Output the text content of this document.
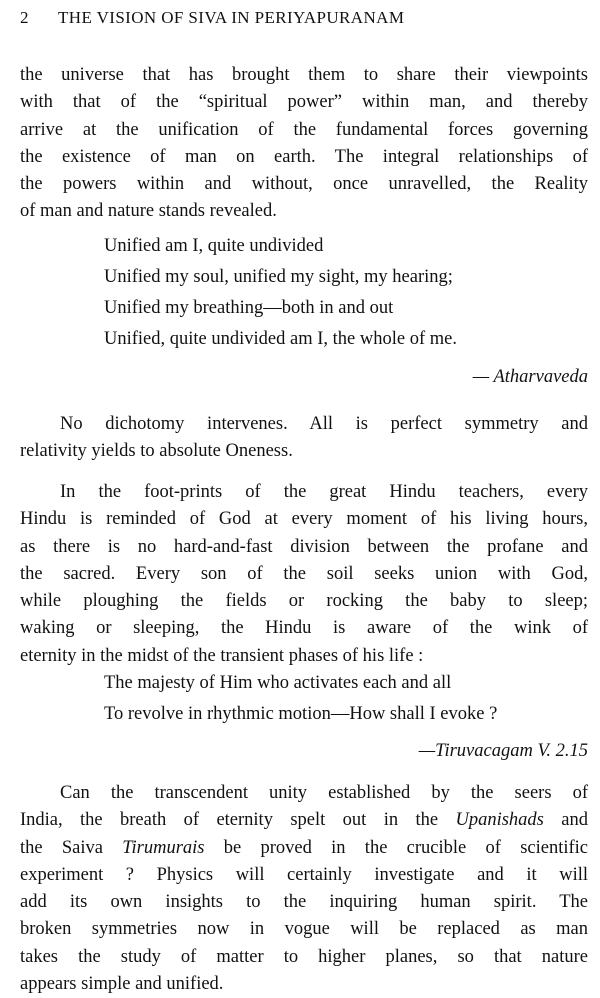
2 THE VISION OF SIVA IN PERIYAPURANAM

the universe that has brought them to share their viewpoints
with that of the “spiritual power” within man, and thereby
arrive at the unification of the fundamental forces governing
the existence of man on earth. The integral relationships of
the powers within and without, once unravelled, the Reality
of man and nature stands revealed.

Unified am I, quite undivided
Unified my soul, unified my sight, my hearing;
Unified my breathing—both in and out
Unified, quite undivided am I, the whole of me.
— Atharvaveda

No dichotomy intervenes. All is perfect symmetry and
relativity yields to absolute Oneness.

In the foot-prints of the great Hindu teachers, every
Hindu is reminded of God at every moment of his living hours,
as there is no hard-and-fast division between the profane and
the sacred. Every son of the soil seeks union with God,
while ploughing the fields or rocking the baby to sleep;
waking or sleeping, the Hindu is aware of the wink of
eternity in the midst of the transient phases of his life :

The majesty of Him who activates each and all
To revolve in rhythmic motion—How shall I evoke ?
—Tiruvacagam V. 2.15

Can the transcendent unity established by the seers of
India, the breath of eternity spelt out in the Upanishads and
the Saiva Tirumurais be proved in the crucible of scientific
experiment ? Physics will certainly investigate and it will
add its own insights to the inquiring human spirit. The
broken symmetries now in vogue will be replaced as man
takes the study of matter to higher planes, so that nature
appears simple and unified.
